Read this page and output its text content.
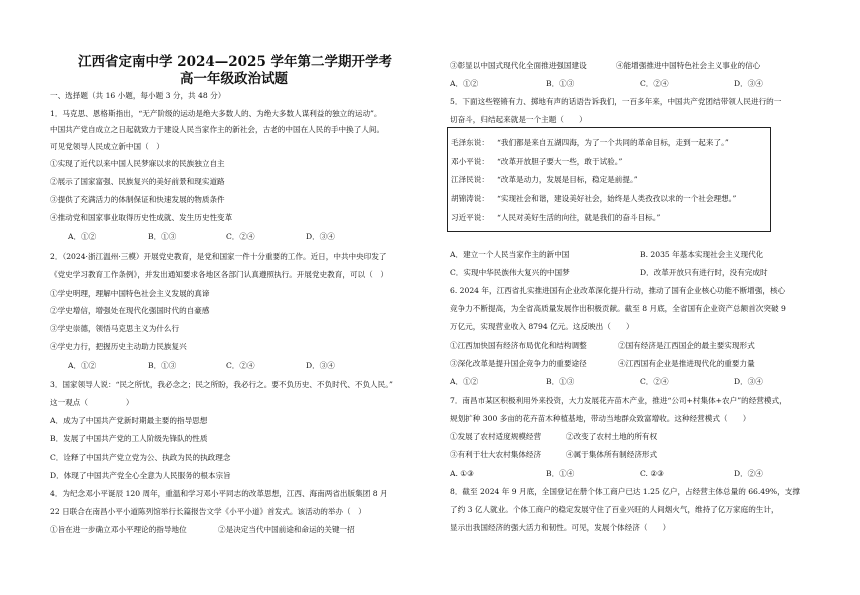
江西省定南中学 2024—2025 学年第二学期开学考
高一年级政治试题
一、选择题（共 16 小题，每小题 3 分，共 48 分）
1．马克思、恩格斯指出，“无产阶级的运动是绝大多数人的、为绝大多数人谋利益的独立的运动”。
中国共产党自成立之日起就致力于建设人民当家作主的新社会，古老的中国在人民的手中换了人间。
可见党领导人民成立新中国（　）
①实现了近代以来中国人民梦寐以求的民族独立自主
②展示了国家富强、民族复兴的美好前景和现实道路
③提供了充满活力的体制保证和快速发展的物质条件
④推动党和国家事业取得历史性成就、发生历史性变革
A．①②	B．①③	C．②④	D．③④
2．（2024·浙江温州·三模）开展党史教育，是党和国家一件十分重要的工作。近日，中共中央印发了
《党史学习教育工作条例》，并发出通知要求各地区各部门认真遵照执行。开展党史教育，可以（　）
①学史明理，理解中国特色社会主义发展的真谛
②学史增信，增强处在现代化强国时代的自豪感
③学史崇德，领悟马克思主义为什么行
④学史力行，把握历史主动助力民族复兴
A．①②	B．①③	C．②④	D．③④
3．国家领导人说：“民之所忧，我必念之；民之所盼，我必行之。要不负历史、不负时代、不负人民。”
这一观点（　　　　　）
A．成为了中国共产党新时期最主要的指导思想
B．发展了中国共产党的工人阶级先锋队的性质
C．诠释了中国共产党立党为公、执政为民的执政理念
D．体现了中国共产党全心全意为人民服务的根本宗旨
4．为纪念邓小平诞辰 120 周年，重温和学习邓小平同志的改革思想，江西、海南两省出版集团 8 月
22 日联合在南昌小平小道陈列馆举行长篇报告文学《小平小道》首发式。该活动的举办（　）
①旨在进一步确立邓小平理论的指导地位	②是决定当代中国前途和命运的关键一招
③彰显以中国式现代化全面推进强国建设	④能增强推进中国特色社会主义事业的信心
A．①②	B．①③	C．②④	D．③④
5．下面这些铿锵有力、掷地有声的话语告诉我们，一百多年来，中国共产党团结带领人民进行的一
切奋斗，归结起来就是一个主题（　　）
毛泽东说： “我们都是来自五湖四海，为了一个共同的革命目标，走到一起来了。”
邓小平说： “改革开放胆子要大一些，敢于试验。”
江泽民说： “改革是动力，发展是目标，稳定是前提。”
胡锦涛说： “实现社会和谐，建设美好社会，始终是人类孜孜以求的一个社会理想。”
习近平说： “人民对美好生活的向往，就是我们的奋斗目标。”
A．建立一个人民当家作主的新中国	B. 2035 年基本实现社会主义现代化
C．实现中华民族伟大复兴的中国梦	D．改革开放只有进行时，没有完成时
6. 2024 年，江西省扎实推进国有企业改革深化提升行动，推动了国有企业核心功能不断增强，核心
竞争力不断提高，为全省高质量发展作出积极贡献。截至 8 月底，全省国有企业资产总额首次突破 9
万亿元，实现营业收入 8794 亿元。这反映出（　　）
①江西加快国有经济布局优化和结构调整	②国有经济是江西国企的最主要实现形式
③深化改革是提升国企竞争力的重要途径	④江西国有企业是推进现代化的重要力量
A．①②	B．①③	C．②④	D．③④
7．南昌市某区积极利用外来投资，大力发展花卉苗木产业，推进“公司+村集体+农户”的经营模式，
规划扩种 300 多亩的花卉苗木种植基地，带动当地群众致富增收。这种经营模式（　　）
①发展了农村适度规模经营	②改变了农村土地的所有权
③有利于壮大农村集体经济	④属于集体所有制经济形式
A. ①③	B．①④	C. ②③	D．②④
8．截至 2024 年 9 月底，全国登记在册个体工商户已达 1.25 亿户，占经营主体总量的 66.49%，支撑
了约 3 亿人就业。个体工商户的稳定发展守住了百业兴旺的人间烟火气，维持了亿万家庭的生计，
显示出我国经济的强大活力和韧性。可见，发展个体经济（　　）
